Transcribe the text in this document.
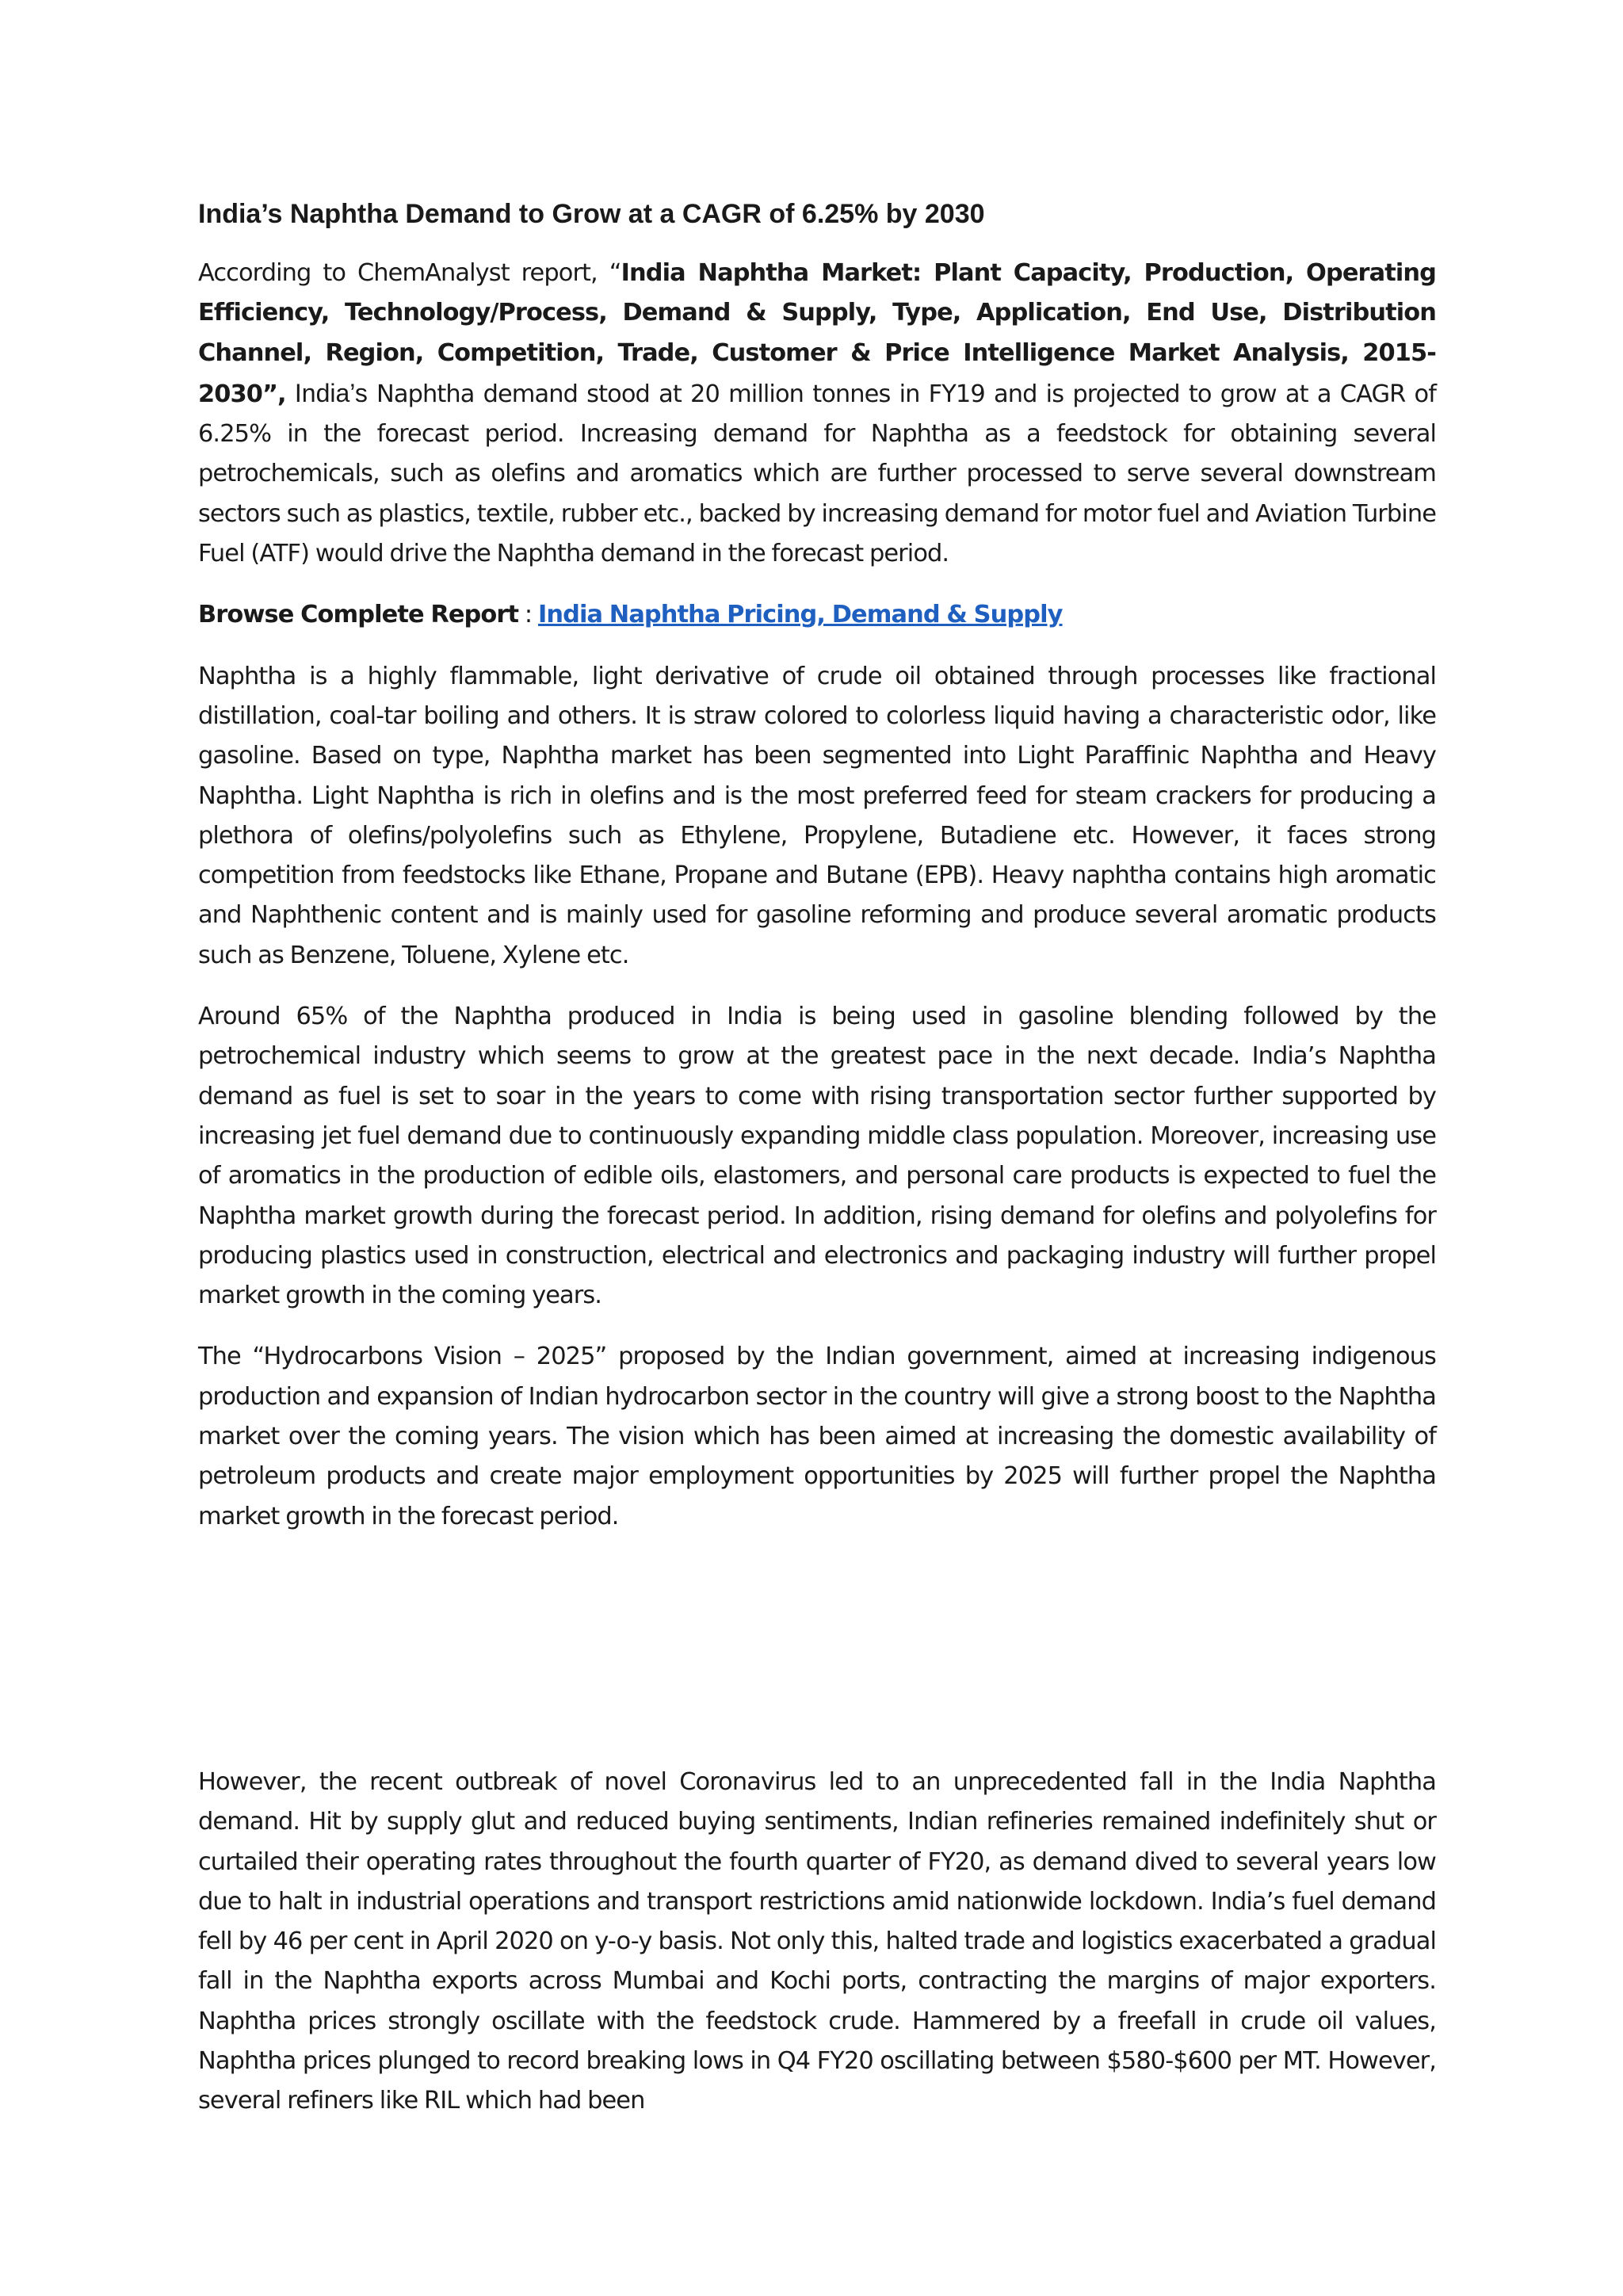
India’s Naphtha Demand to Grow at a CAGR of 6.25% by 2030

According to ChemAnalyst report, “India Naphtha Market: Plant Capacity, Production, Operating Efficiency, Technology/Process, Demand & Supply, Type, Application, End Use, Distribution Channel, Region, Competition, Trade, Customer & Price Intelligence Market Analysis, 2015-2030”, India’s Naphtha demand stood at 20 million tonnes in FY19 and is projected to grow at a CAGR of 6.25% in the forecast period. Increasing demand for Naphtha as a feedstock for obtaining several petrochemicals, such as olefins and aromatics which are further processed to serve several downstream sectors such as plastics, textile, rubber etc., backed by increasing demand for motor fuel and Aviation Turbine Fuel (ATF) would drive the Naphtha demand in the forecast period.

Browse Complete Report : India Naphtha Pricing, Demand & Supply

Naphtha is a highly flammable, light derivative of crude oil obtained through processes like fractional distillation, coal-tar boiling and others. It is straw colored to colorless liquid having a characteristic odor, like gasoline. Based on type, Naphtha market has been segmented into Light Paraffinic Naphtha and Heavy Naphtha. Light Naphtha is rich in olefins and is the most preferred feed for steam crackers for producing a plethora of olefins/polyolefins such as Ethylene, Propylene, Butadiene etc. However, it faces strong competition from feedstocks like Ethane, Propane and Butane (EPB). Heavy naphtha contains high aromatic and Naphthenic content and is mainly used for gasoline reforming and produce several aromatic products such as Benzene, Toluene, Xylene etc.

Around 65% of the Naphtha produced in India is being used in gasoline blending followed by the petrochemical industry which seems to grow at the greatest pace in the next decade. India’s Naphtha demand as fuel is set to soar in the years to come with rising transportation sector further supported by increasing jet fuel demand due to continuously expanding middle class population. Moreover, increasing use of aromatics in the production of edible oils, elastomers, and personal care products is expected to fuel the Naphtha market growth during the forecast period. In addition, rising demand for olefins and polyolefins for producing plastics used in construction, electrical and electronics and packaging industry will further propel market growth in the coming years.

The “Hydrocarbons Vision – 2025” proposed by the Indian government, aimed at increasing indigenous production and expansion of Indian hydrocarbon sector in the country will give a strong boost to the Naphtha market over the coming years. The vision which has been aimed at increasing the domestic availability of petroleum products and create major employment opportunities by 2025 will further propel the Naphtha market growth in the forecast period.

However, the recent outbreak of novel Coronavirus led to an unprecedented fall in the India Naphtha demand. Hit by supply glut and reduced buying sentiments, Indian refineries remained indefinitely shut or curtailed their operating rates throughout the fourth quarter of FY20, as demand dived to several years low due to halt in industrial operations and transport restrictions amid nationwide lockdown. India’s fuel demand fell by 46 per cent in April 2020 on y-o-y basis. Not only this, halted trade and logistics exacerbated a gradual fall in the Naphtha exports across Mumbai and Kochi ports, contracting the margins of major exporters. Naphtha prices strongly oscillate with the feedstock crude. Hammered by a freefall in crude oil values, Naphtha prices plunged to record breaking lows in Q4 FY20 oscillating between $580-$600 per MT. However, several refiners like RIL which had been
